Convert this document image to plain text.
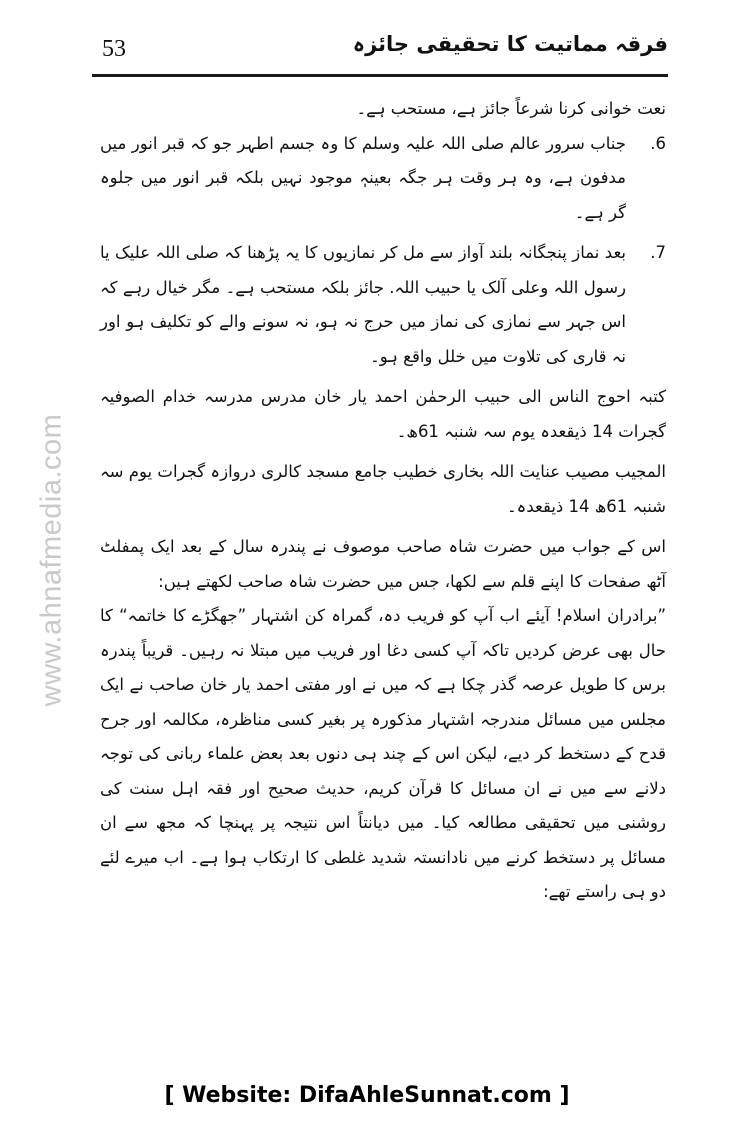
www.ahnafmedia.com
53	فرقہ مماتیت کا تحقیقی جائزہ

نعت خوانی کرنا شرعاً جائز ہے، مستحب ہے۔

6.
جناب سرور عالم صلی اللہ علیہ وسلم کا وہ جسم اطہر جو کہ قبر انور میں مدفون ہے، وہ ہر وقت ہر جگہ بعینہٖ موجود نہیں بلکہ قبر انور میں جلوہ گر ہے۔
7.
بعد نماز پنجگانہ بلند آواز سے مل کر نمازیوں کا یہ پڑھنا کہ صلی اللہ علیک یا رسول اللہ وعلی آلک یا حبیب اللہ. جائز بلکہ مستحب ہے۔ مگر خیال رہے کہ اس جہر سے نمازی کی نماز میں حرج نہ ہو، نہ سونے والے کو تکلیف ہو اور نہ قاری کی تلاوت میں خلل واقع ہو۔

کتبہ احوج الناس الی حبیب الرحمٰن احمد یار خان مدرس مدرسہ خدام الصوفیہ گجرات 14 ذیقعدہ یوم سہ شنبہ 61ھ۔

المجیب مصیب عنایت اللہ بخاری خطیب جامع مسجد کالری دروازہ گجرات یوم سہ شنبہ 61ھ 14 ذیقعدہ۔

اس کے جواب میں حضرت شاہ صاحب موصوف نے پندرہ سال کے بعد ایک پمفلٹ آٹھ صفحات کا اپنے قلم سے لکھا، جس میں حضرت شاہ صاحب لکھتے ہیں:

”برادران اسلام! آیئے اب آپ کو فریب دہ، گمراہ کن اشتہار ”جھگڑے کا خاتمہ“ کا حال بھی عرض کردیں تاکہ آپ کسی دغا اور فریب میں مبتلا نہ رہیں۔ قریباً پندرہ برس کا طویل عرصہ گذر چکا ہے کہ میں نے اور مفتی احمد یار خان صاحب نے ایک مجلس میں مسائل مندرجہ اشتہار مذکورہ پر بغیر کسی مناظرہ، مکالمہ اور جرح قدح کے دستخط کر دیے، لیکن اس کے چند ہی دنوں بعد بعض علماء ربانی کی توجہ دلانے سے میں نے ان مسائل کا قرآن کریم، حدیث صحیح اور فقہ اہل سنت کی روشنی میں تحقیقی مطالعہ کیا۔ میں دیانتاً اس نتیجہ پر پہنچا کہ مجھ سے ان مسائل پر دستخط کرنے میں نادانستہ شدید غلطی کا ارتکاب ہوا ہے۔ اب میرے لئے دو ہی راستے تھے:

[ Website: DifaAhleSunnat.com ]
